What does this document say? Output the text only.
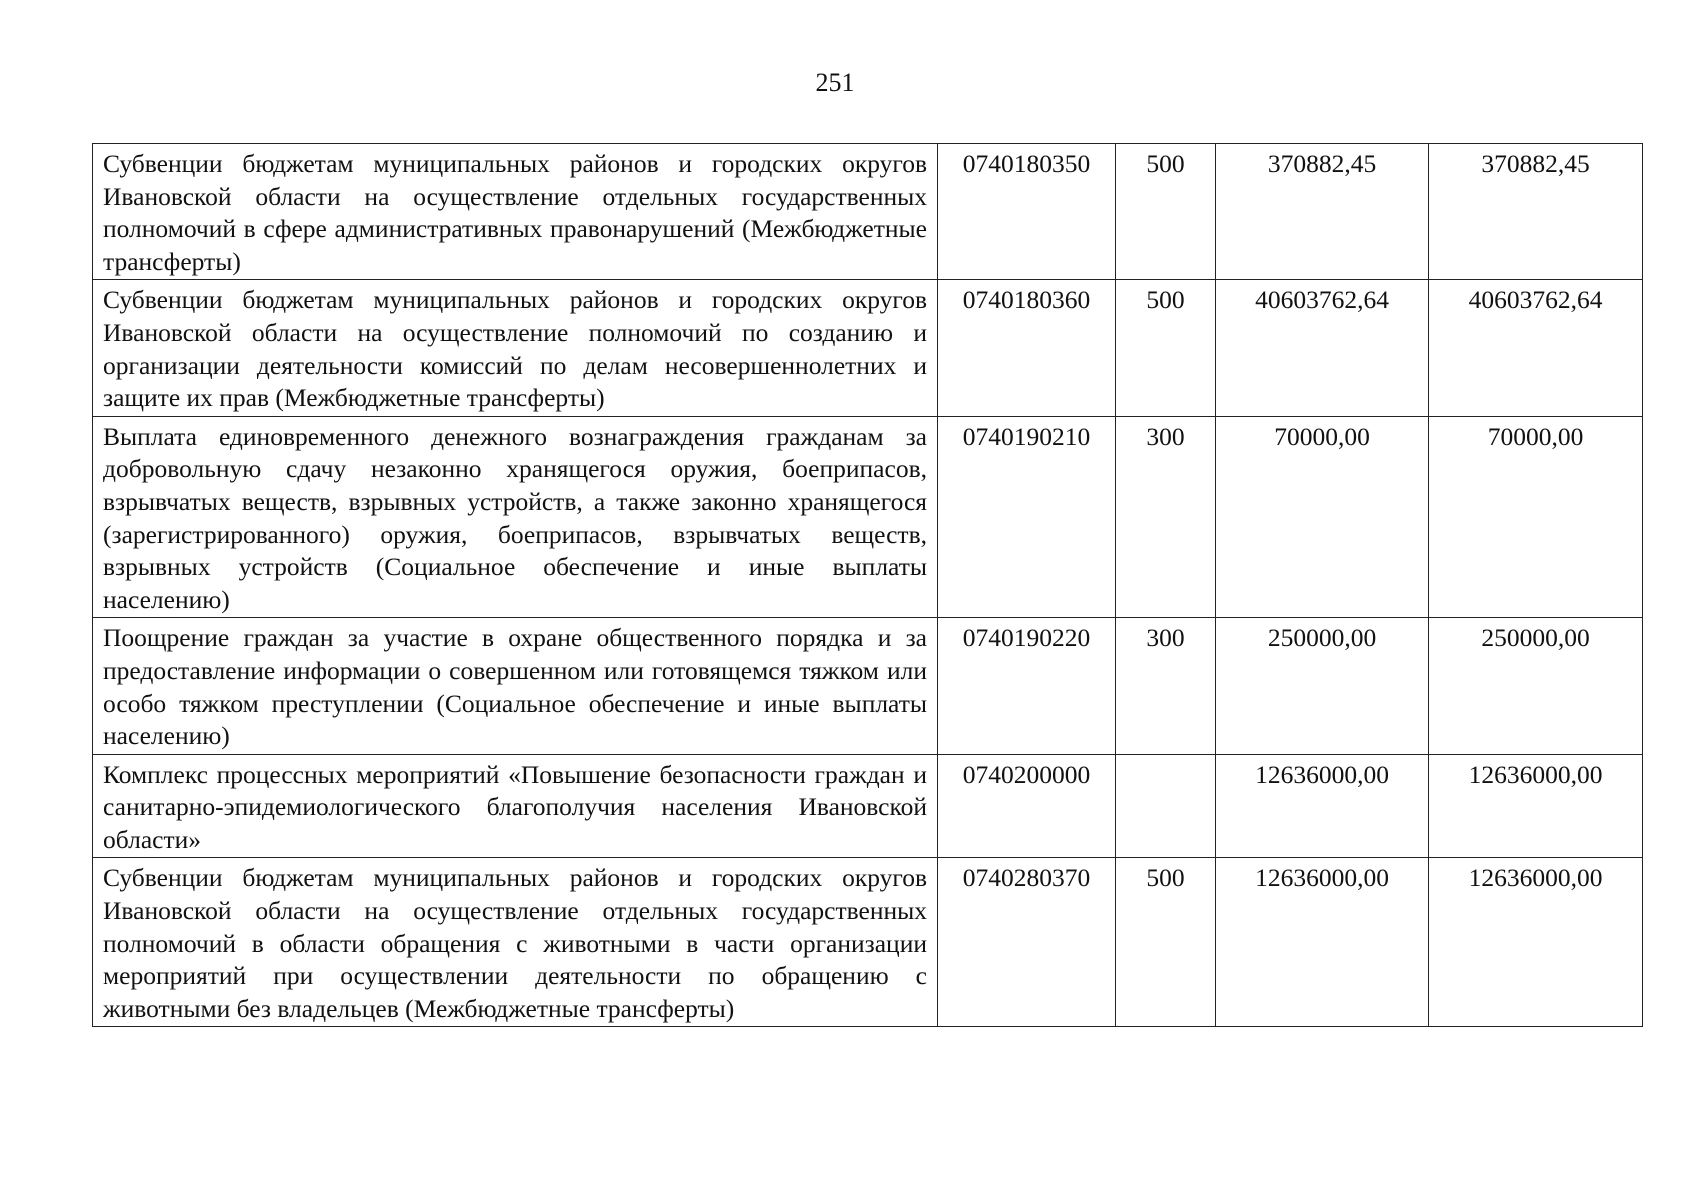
251
Субвенции бюджетам муниципальных районов и городских округов Ивановской области на осуществление отдельных государственных полномочий в сфере административных правонарушений (Межбюджетные трансферты)	0740180350	500	370882,45	370882,45
Субвенции бюджетам муниципальных районов и городских округов Ивановской области на осуществление полномочий по созданию и организации деятельности комиссий по делам несовершеннолетних и защите их прав (Межбюджетные трансферты)	0740180360	500	40603762,64	40603762,64
Выплата единовременного денежного вознаграждения гражданам за добровольную сдачу незаконно хранящегося оружия, боеприпасов, взрывчатых веществ, взрывных устройств, а также законно хранящегося (зарегистрированного) оружия, боеприпасов, взрывчатых веществ, взрывных устройств (Социальное обеспечение и иные выплаты населению)	0740190210	300	70000,00	70000,00
Поощрение граждан за участие в охране общественного порядка и за предоставление информации о совершенном или готовящемся тяжком или особо тяжком преступлении (Социальное обеспечение и иные выплаты населению)	0740190220	300	250000,00	250000,00
Комплекс процессных мероприятий «Повышение безопасности граждан и санитарно-эпидемиологического благополучия населения Ивановской области»	0740200000		12636000,00	12636000,00
Субвенции бюджетам муниципальных районов и городских округов Ивановской области на осуществление отдельных государственных полномочий в области обращения с животными в части организации мероприятий при осуществлении деятельности по обращению с животными без владельцев (Межбюджетные трансферты)	0740280370	500	12636000,00	12636000,00
